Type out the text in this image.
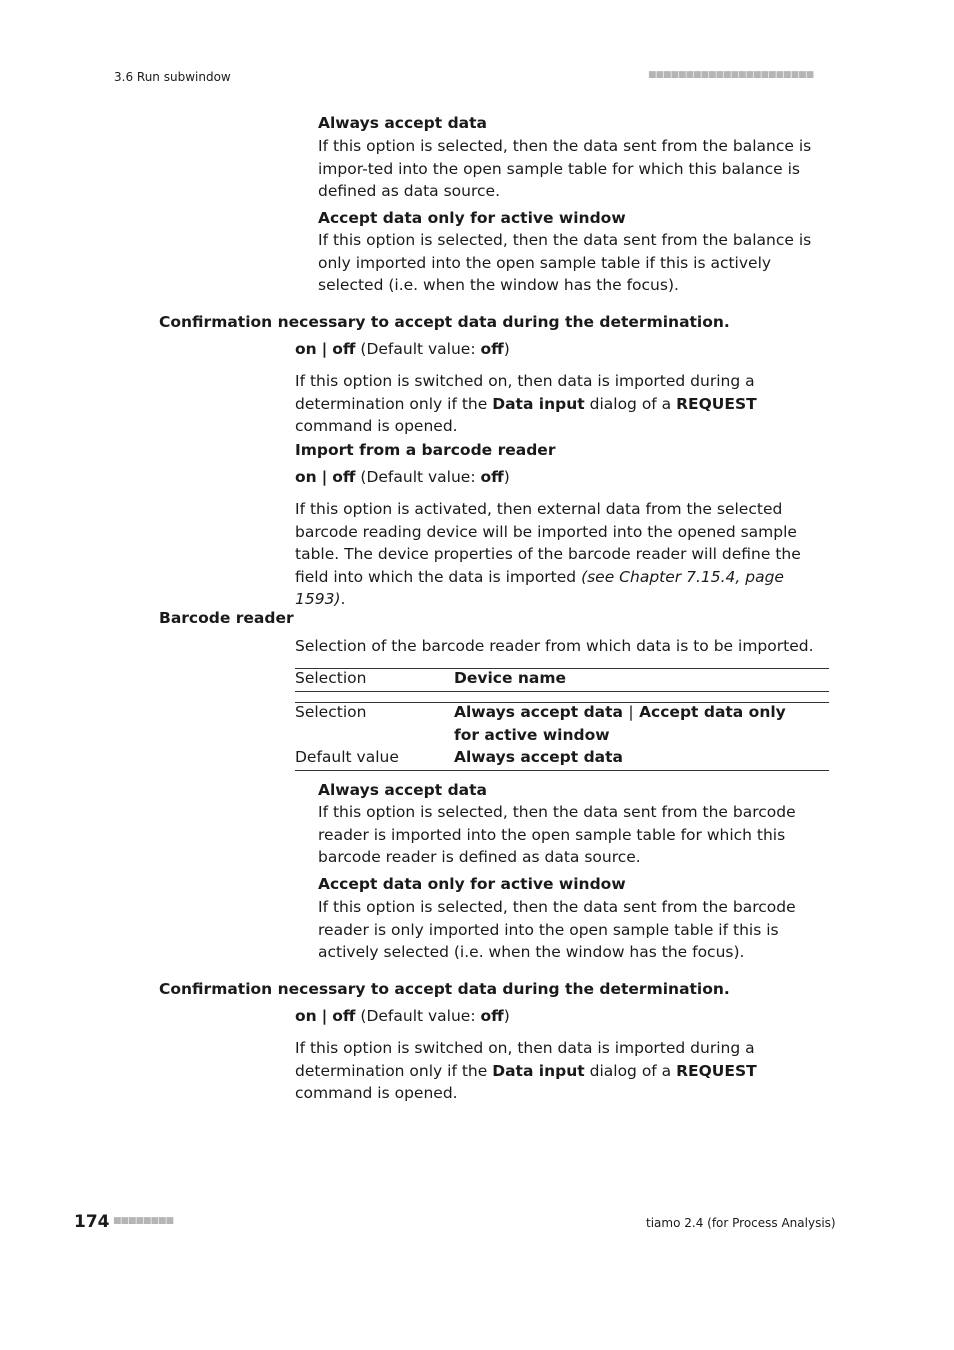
3.6 Run subwindow	■■■■■■■■■■■■■■■■■■■■■■
Always accept data
If this option is selected, then the data sent from the balance is impor-ted into the open sample table for which this balance is defined as data source.
Accept data only for active window
If this option is selected, then the data sent from the balance is only imported into the open sample table if this is actively selected (i.e. when the window has the focus).
Confirmation necessary to accept data during the determination.
on | off (Default value: off)
If this option is switched on, then data is imported during a determination only if the Data input dialog of a REQUEST command is opened.
Import from a barcode reader
on | off (Default value: off)
If this option is activated, then external data from the selected barcode reading device will be imported into the opened sample table. The device properties of the barcode reader will define the field into which the data is imported (see Chapter 7.15.4, page 1593).
Barcode reader
Selection of the barcode reader from which data is to be imported.
Selection	Device name
Selection	Always accept data | Accept data only for active window
Default value	Always accept data
Always accept data
If this option is selected, then the data sent from the barcode reader is imported into the open sample table for which this barcode reader is defined as data source.
Accept data only for active window
If this option is selected, then the data sent from the barcode reader is only imported into the open sample table if this is actively selected (i.e. when the window has the focus).
Confirmation necessary to accept data during the determination.
on | off (Default value: off)
If this option is switched on, then data is imported during a determination only if the Data input dialog of a REQUEST command is opened.
174 ■■■■■■■■	tiamo 2.4 (for Process Analysis)
